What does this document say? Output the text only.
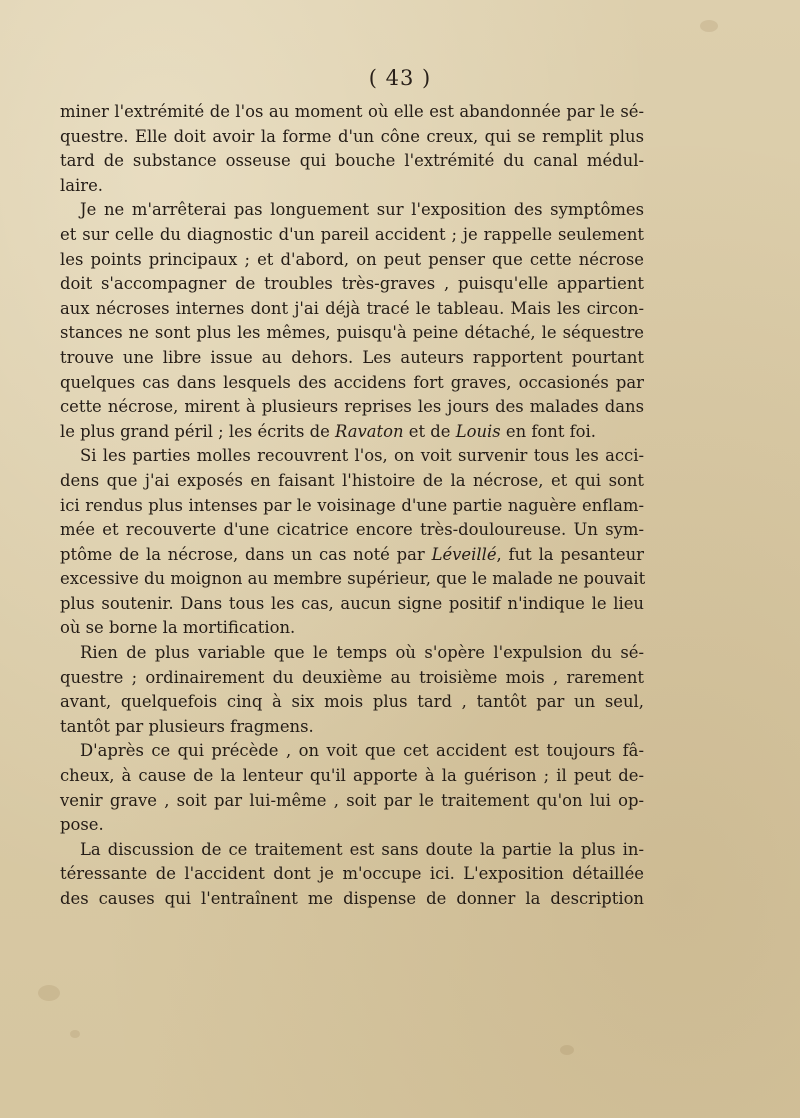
( 43 )
miner l'extrémité de l'os au moment où elle est abandonnée par le sé-
questre. Elle doit avoir la forme d'un cône creux, qui se remplit plus
tard de substance osseuse qui bouche l'extrémité du canal médul-
laire.
Je ne m'arrêterai pas longuement sur l'exposition des symptômes
et sur celle du diagnostic d'un pareil accident ; je rappelle seulement
les points principaux ; et d'abord, on peut penser que cette nécrose
doit s'accompagner de troubles très-graves , puisqu'elle appartient
aux nécroses internes dont j'ai déjà tracé le tableau. Mais les circon-
stances ne sont plus les mêmes, puisqu'à peine détaché, le séquestre
trouve une libre issue au dehors. Les auteurs rapportent pourtant
quelques cas dans lesquels des accidens fort graves, occasionés par
cette nécrose, mirent à plusieurs reprises les jours des malades dans
le plus grand péril ; les écrits de Ravaton et de Louis en font foi.
Si les parties molles recouvrent l'os, on voit survenir tous les acci-
dens que j'ai exposés en faisant l'histoire de la nécrose, et qui sont
ici rendus plus intenses par le voisinage d'une partie naguère enflam-
mée et recouverte d'une cicatrice encore très-douloureuse. Un sym-
ptôme de la nécrose, dans un cas noté par Léveillé, fut la pesanteur
excessive du moignon au membre supérieur, que le malade ne pouvait
plus soutenir. Dans tous les cas, aucun signe positif n'indique le lieu
où se borne la mortification.
Rien de plus variable que le temps où s'opère l'expulsion du sé-
questre ; ordinairement du deuxième au troisième mois , rarement
avant, quelquefois cinq à six mois plus tard , tantôt par un seul,
tantôt par plusieurs fragmens.
D'après ce qui précède , on voit que cet accident est toujours fâ-
cheux, à cause de la lenteur qu'il apporte à la guérison ; il peut de-
venir grave , soit par lui-même , soit par le traitement qu'on lui op-
pose.
La discussion de ce traitement est sans doute la partie la plus in-
téressante de l'accident dont je m'occupe ici. L'exposition détaillée
des causes qui l'entraînent me dispense de donner la description
